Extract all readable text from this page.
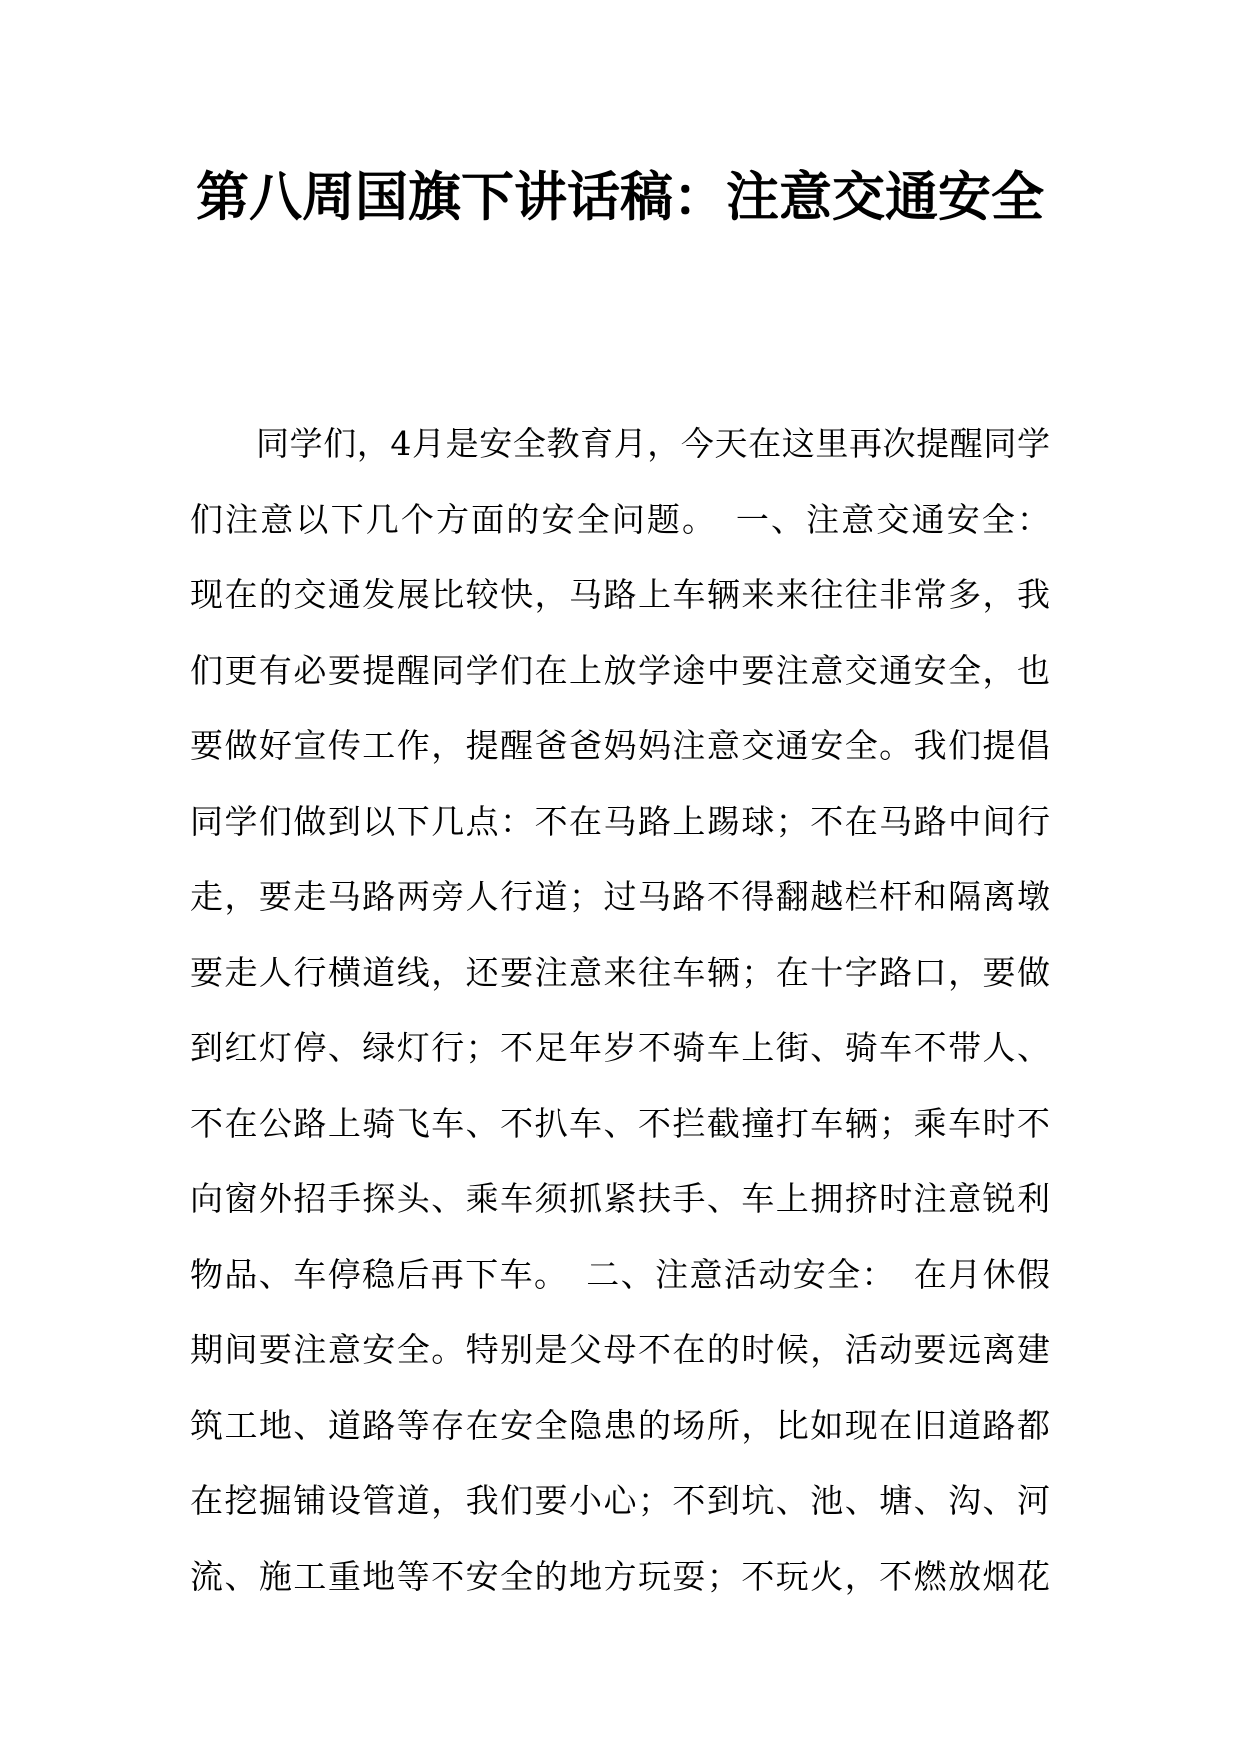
第八周国旗下讲话稿：注意交通安全
同学们，4月是安全教育月，今天在这里再次提醒同学
们注意以下几个方面的安全问题。　一、注意交通安全：
现在的交通发展比较快，马路上车辆来来往往非常多，我
们更有必要提醒同学们在上放学途中要注意交通安全，也
要做好宣传工作，提醒爸爸妈妈注意交通安全。我们提倡
同学们做到以下几点：不在马路上踢球；不在马路中间行
走，要走马路两旁人行道；过马路不得翻越栏杆和隔离墩
要走人行横道线，还要注意来往车辆；在十字路口，要做
到红灯停、绿灯行；不足年岁不骑车上街、骑车不带人、
不在公路上骑飞车、不扒车、不拦截撞打车辆；乘车时不
向窗外招手探头、乘车须抓紧扶手、车上拥挤时注意锐利
物品、车停稳后再下车。　二、注意活动安全：　在月休假
期间要注意安全。特别是父母不在的时候，活动要远离建
筑工地、道路等存在安全隐患的场所，比如现在旧道路都
在挖掘铺设管道，我们要小心；不到坑、池、塘、沟、河
流、施工重地等不安全的地方玩耍；不玩火，不燃放烟花
